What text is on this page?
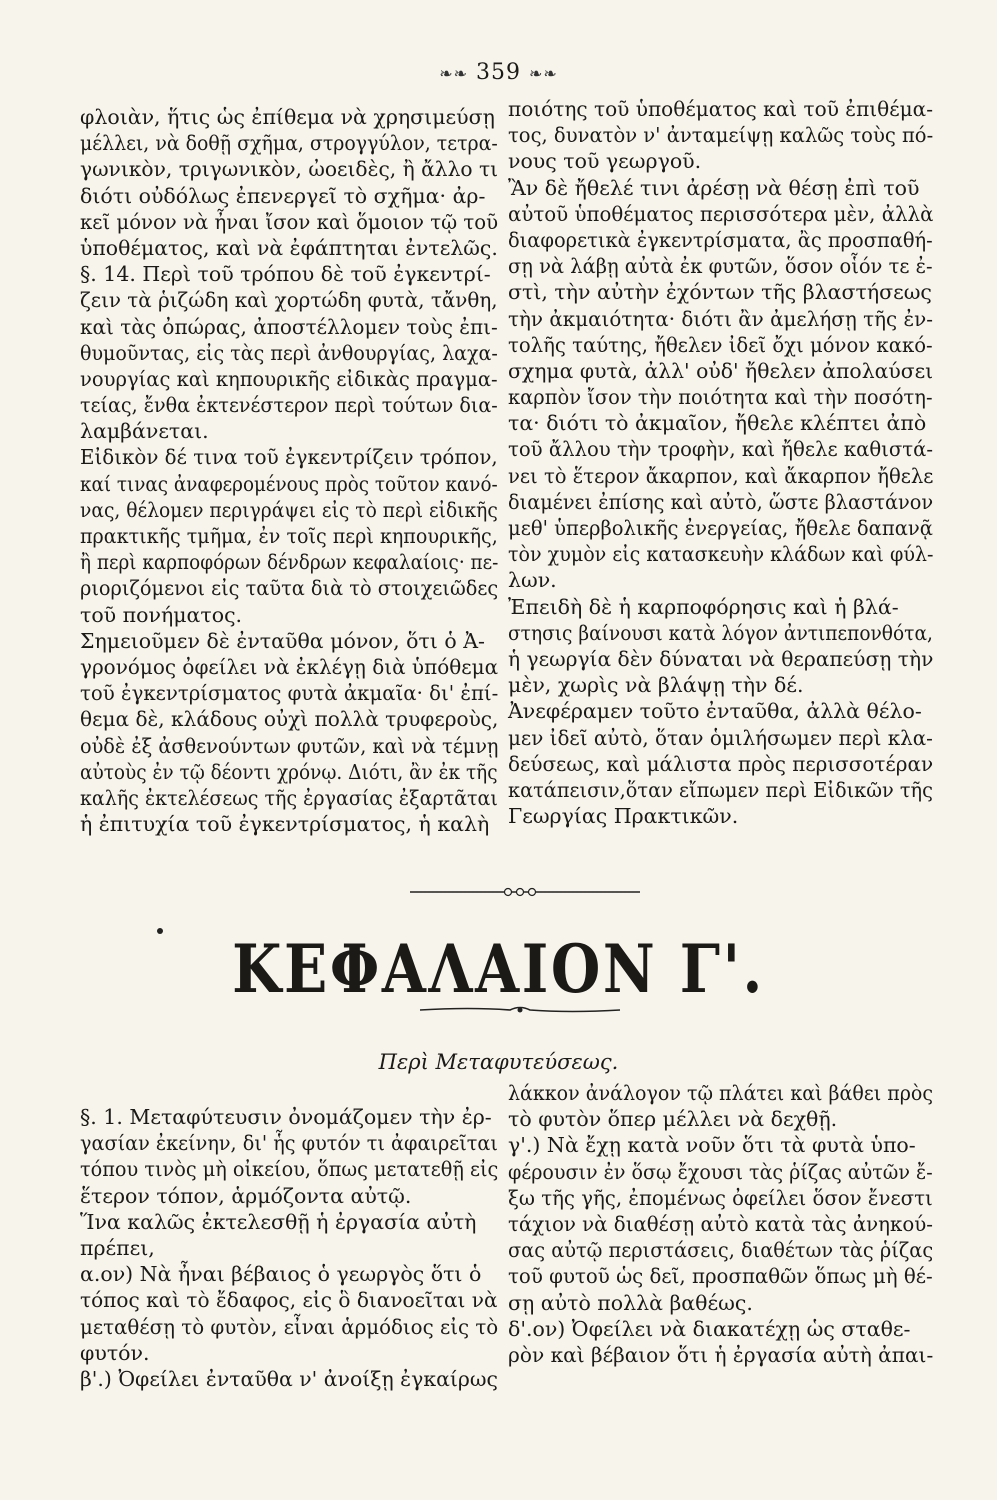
❧❧ 359 ❧❧
φλοιὰν, ἥτις ὡς ἐπίθεμα νὰ χρησιμεύσῃ
μέλλει, νὰ δοθῇ σχῆμα, στρογγύλον, τετρα-
γωνικὸν, τριγωνικὸν, ὠοειδὲς, ἢ ἄλλο τι
διότι οὐδόλως ἐπενεργεῖ τὸ σχῆμα· ἀρ-
κεῖ μόνον νὰ ἦναι ἴσον καὶ ὅμοιον τῷ τοῦ
ὑποθέματος, καὶ νὰ ἐφάπτηται ἐντελῶς.
§. 14. Περὶ τοῦ τρόπου δὲ τοῦ ἐγκεντρί-
ζειν τὰ ῥιζώδη καὶ χορτώδη φυτὰ, τἄνθη,
καὶ τὰς ὀπώρας, ἀποστέλλομεν τοὺς ἐπι-
θυμοῦντας, εἰς τὰς περὶ ἀνθουργίας, λαχα-
νουργίας καὶ κηπουρικῆς εἰδικὰς πραγμα-
τείας, ἔνθα ἐκτενέστερον περὶ τούτων δια-
λαμβάνεται.
Εἰδικὸν δέ τινα τοῦ ἐγκεντρίζειν τρόπον,
καί τινας ἀναφερομένους πρὸς τοῦτον κανό-
νας, θέλομεν περιγράψει εἰς τὸ περὶ εἰδικῆς
πρακτικῆς τμῆμα, ἐν τοῖς περὶ κηπουρικῆς,
ἢ περὶ καρποφόρων δένδρων κεφαλαίοις· πε-
ριοριζόμενοι εἰς ταῦτα διὰ τὸ στοιχειῶδες
τοῦ πονήματος.
Σημειοῦμεν δὲ ἐνταῦθα μόνον, ὅτι ὁ Ἀ-
γρονόμος ὀφείλει νὰ ἐκλέγῃ διὰ ὑπόθεμα
τοῦ ἐγκεντρίσματος φυτὰ ἀκμαῖα· δι' ἐπί-
θεμα δὲ, κλάδους οὐχὶ πολλὰ τρυφεροὺς,
οὐδὲ ἐξ ἀσθενούντων φυτῶν, καὶ νὰ τέμνῃ
αὐτοὺς ἐν τῷ δέοντι χρόνῳ. Διότι, ἂν ἐκ τῆς
καλῆς ἐκτελέσεως τῆς ἐργασίας ἐξαρτᾶται
ἡ ἐπιτυχία τοῦ ἐγκεντρίσματος, ἡ καλὴ
ποιότης τοῦ ὑποθέματος καὶ τοῦ ἐπιθέμα-
τος, δυνατὸν ν' ἀνταμείψῃ καλῶς τοὺς πό-
νους τοῦ γεωργοῦ.
Ἂν δὲ ἤθελέ τινι ἀρέσῃ νὰ θέσῃ ἐπὶ τοῦ
αὐτοῦ ὑποθέματος περισσότερα μὲν, ἀλλὰ
διαφορετικὰ ἐγκεντρίσματα, ἂς προσπαθή-
σῃ νὰ λάβῃ αὐτὰ ἐκ φυτῶν, ὅσον οἷόν τε ἐ-
στὶ, τὴν αὐτὴν ἐχόντων τῆς βλαστήσεως
τὴν ἀκμαιότητα· διότι ἂν ἀμελήσῃ τῆς ἐν-
τολῆς ταύτης, ἤθελεν ἰδεῖ ὄχι μόνον κακό-
σχημα φυτὰ, ἀλλ' οὐδ' ἤθελεν ἀπολαύσει
καρπὸν ἴσον τὴν ποιότητα καὶ τὴν ποσότη-
τα· διότι τὸ ἀκμαῖον, ἤθελε κλέπτει ἀπὸ
τοῦ ἄλλου τὴν τροφὴν, καὶ ἤθελε καθιστά-
νει τὸ ἕτερον ἄκαρπον, καὶ ἄκαρπον ἤθελε
διαμένει ἐπίσης καὶ αὐτὸ, ὥστε βλαστάνον
μεθ' ὑπερβολικῆς ἐνεργείας, ἤθελε δαπανᾷ
τὸν χυμὸν εἰς κατασκευὴν κλάδων καὶ φύλ-
λων.
Ἐπειδὴ δὲ ἡ καρποφόρησις καὶ ἡ βλά-
στησις βαίνουσι κατὰ λόγον ἀντιπεπονθότα,
ἡ γεωργία δὲν δύναται νὰ θεραπεύσῃ τὴν
μὲν, χωρὶς νὰ βλάψῃ τὴν δέ.
Ἀνεφέραμεν τοῦτο ἐνταῦθα, ἀλλὰ θέλο-
μεν ἰδεῖ αὐτὸ, ὅταν ὁμιλήσωμεν περὶ κλα-
δεύσεως, καὶ μάλιστα πρὸς περισσοτέραν
κατάπεισιν,ὅταν εἴπωμεν περὶ Εἰδικῶν τῆς
Γεωργίας Πρακτικῶν.
ΚΕΦΑΛΑΙΟΝ Γ'.
Περὶ Μεταφυτεύσεως.
§. 1. Μεταφύτευσιν ὀνομάζομεν τὴν ἐρ-
γασίαν ἐκείνην, δι' ἧς φυτόν τι ἀφαιρεῖται
τόπου τινὸς μὴ οἰκείου, ὅπως μετατεθῇ εἰς
ἕτερον τόπον, ἁρμόζοντα αὐτῷ.
Ἵνα καλῶς ἐκτελεσθῇ ἡ ἐργασία αὐτὴ
πρέπει,
α.ον) Νὰ ἦναι βέβαιος ὁ γεωργὸς ὅτι ὁ
τόπος καὶ τὸ ἔδαφος, εἰς ὃ διανοεῖται νὰ
μεταθέσῃ τὸ φυτὸν, εἶναι ἁρμόδιος εἰς τὸ
φυτόν.
β'.) Ὀφείλει ἐνταῦθα ν' ἀνοίξῃ ἐγκαίρως
λάκκον ἀνάλογον τῷ πλάτει καὶ βάθει πρὸς
τὸ φυτὸν ὅπερ μέλλει νὰ δεχθῇ.
γ'.) Νὰ ἔχῃ κατὰ νοῦν ὅτι τὰ φυτὰ ὑπο-
φέρουσιν ἐν ὅσῳ ἔχουσι τὰς ῥίζας αὐτῶν ἔ-
ξω τῆς γῆς, ἐπομένως ὀφείλει ὅσον ἔνεστι
τάχιον νὰ διαθέσῃ αὐτὸ κατὰ τὰς ἀνηκού-
σας αὐτῷ περιστάσεις, διαθέτων τὰς ῥίζας
τοῦ φυτοῦ ὡς δεῖ, προσπαθῶν ὅπως μὴ θέ-
σῃ αὐτὸ πολλὰ βαθέως.
δ'.ον) Ὀφείλει νὰ διακατέχῃ ὡς σταθε-
ρὸν καὶ βέβαιον ὅτι ἡ ἐργασία αὐτὴ ἀπαι-
